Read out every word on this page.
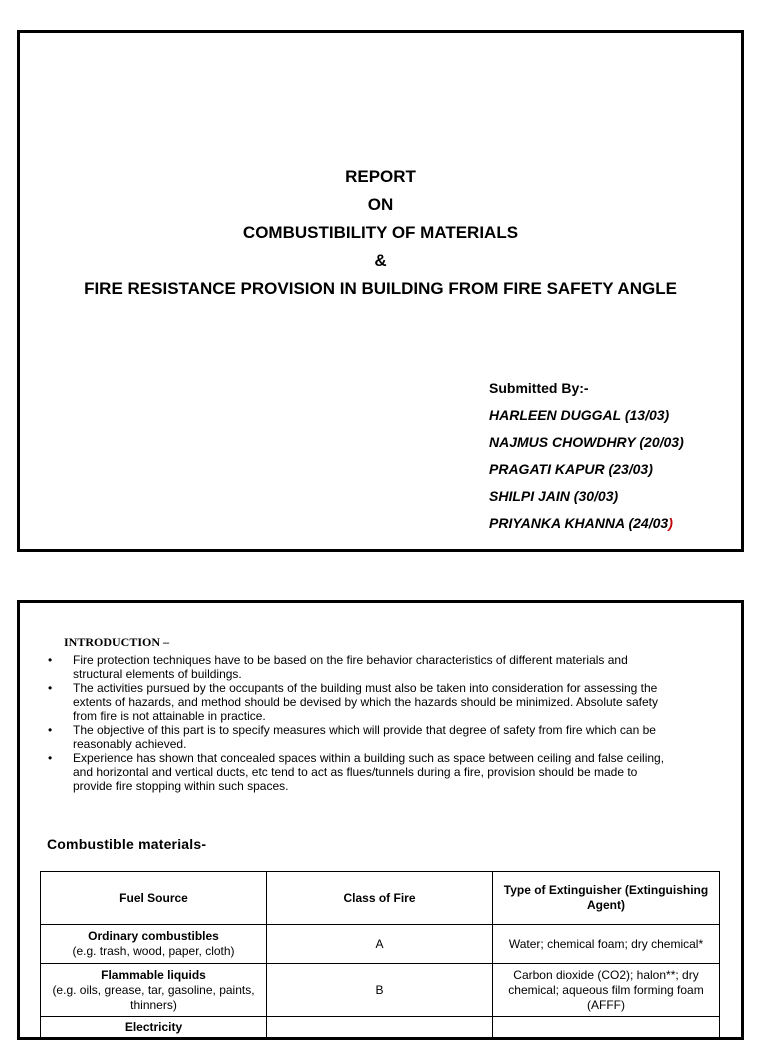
REPORT
ON
COMBUSTIBILITY OF MATERIALS
&
FIRE RESISTANCE PROVISION IN BUILDING FROM FIRE SAFETY ANGLE
Submitted By:-
HARLEEN DUGGAL (13/03)
NAJMUS CHOWDHRY (20/03)
PRAGATI KAPUR (23/03)
SHILPI JAIN (30/03)
PRIYANKA KHANNA (24/03)
INTRODUCTION –
• Fire protection techniques have to be based on the fire behavior characteristics of different materials and structural elements of buildings.
• The activities pursued by the occupants of the building must also be taken into consideration for assessing the extents of hazards, and method should be devised by which the hazards should be minimized. Absolute safety from fire is not attainable in practice.
• The objective of this part is to specify measures which will provide that degree of safety from fire which can be reasonably achieved.
• Experience has shown that concealed spaces within a building such as space between ceiling and false ceiling, and horizontal and vertical ducts, etc tend to act as flues/tunnels during a fire, provision should be made to provide fire stopping within such spaces.
Combustible materials-
Fuel Source	Class of Fire	Type of Extinguisher (Extinguishing Agent)

Ordinary combustibles
(e.g. trash, wood, paper, cloth)	A	Water; chemical foam; dry chemical*

Flammable liquids
(e.g. oils, grease, tar, gasoline, paints, thinners)	B	Carbon dioxide (CO2); halon**; dry chemical; aqueous film forming foam (AFFF)

Electricity		
